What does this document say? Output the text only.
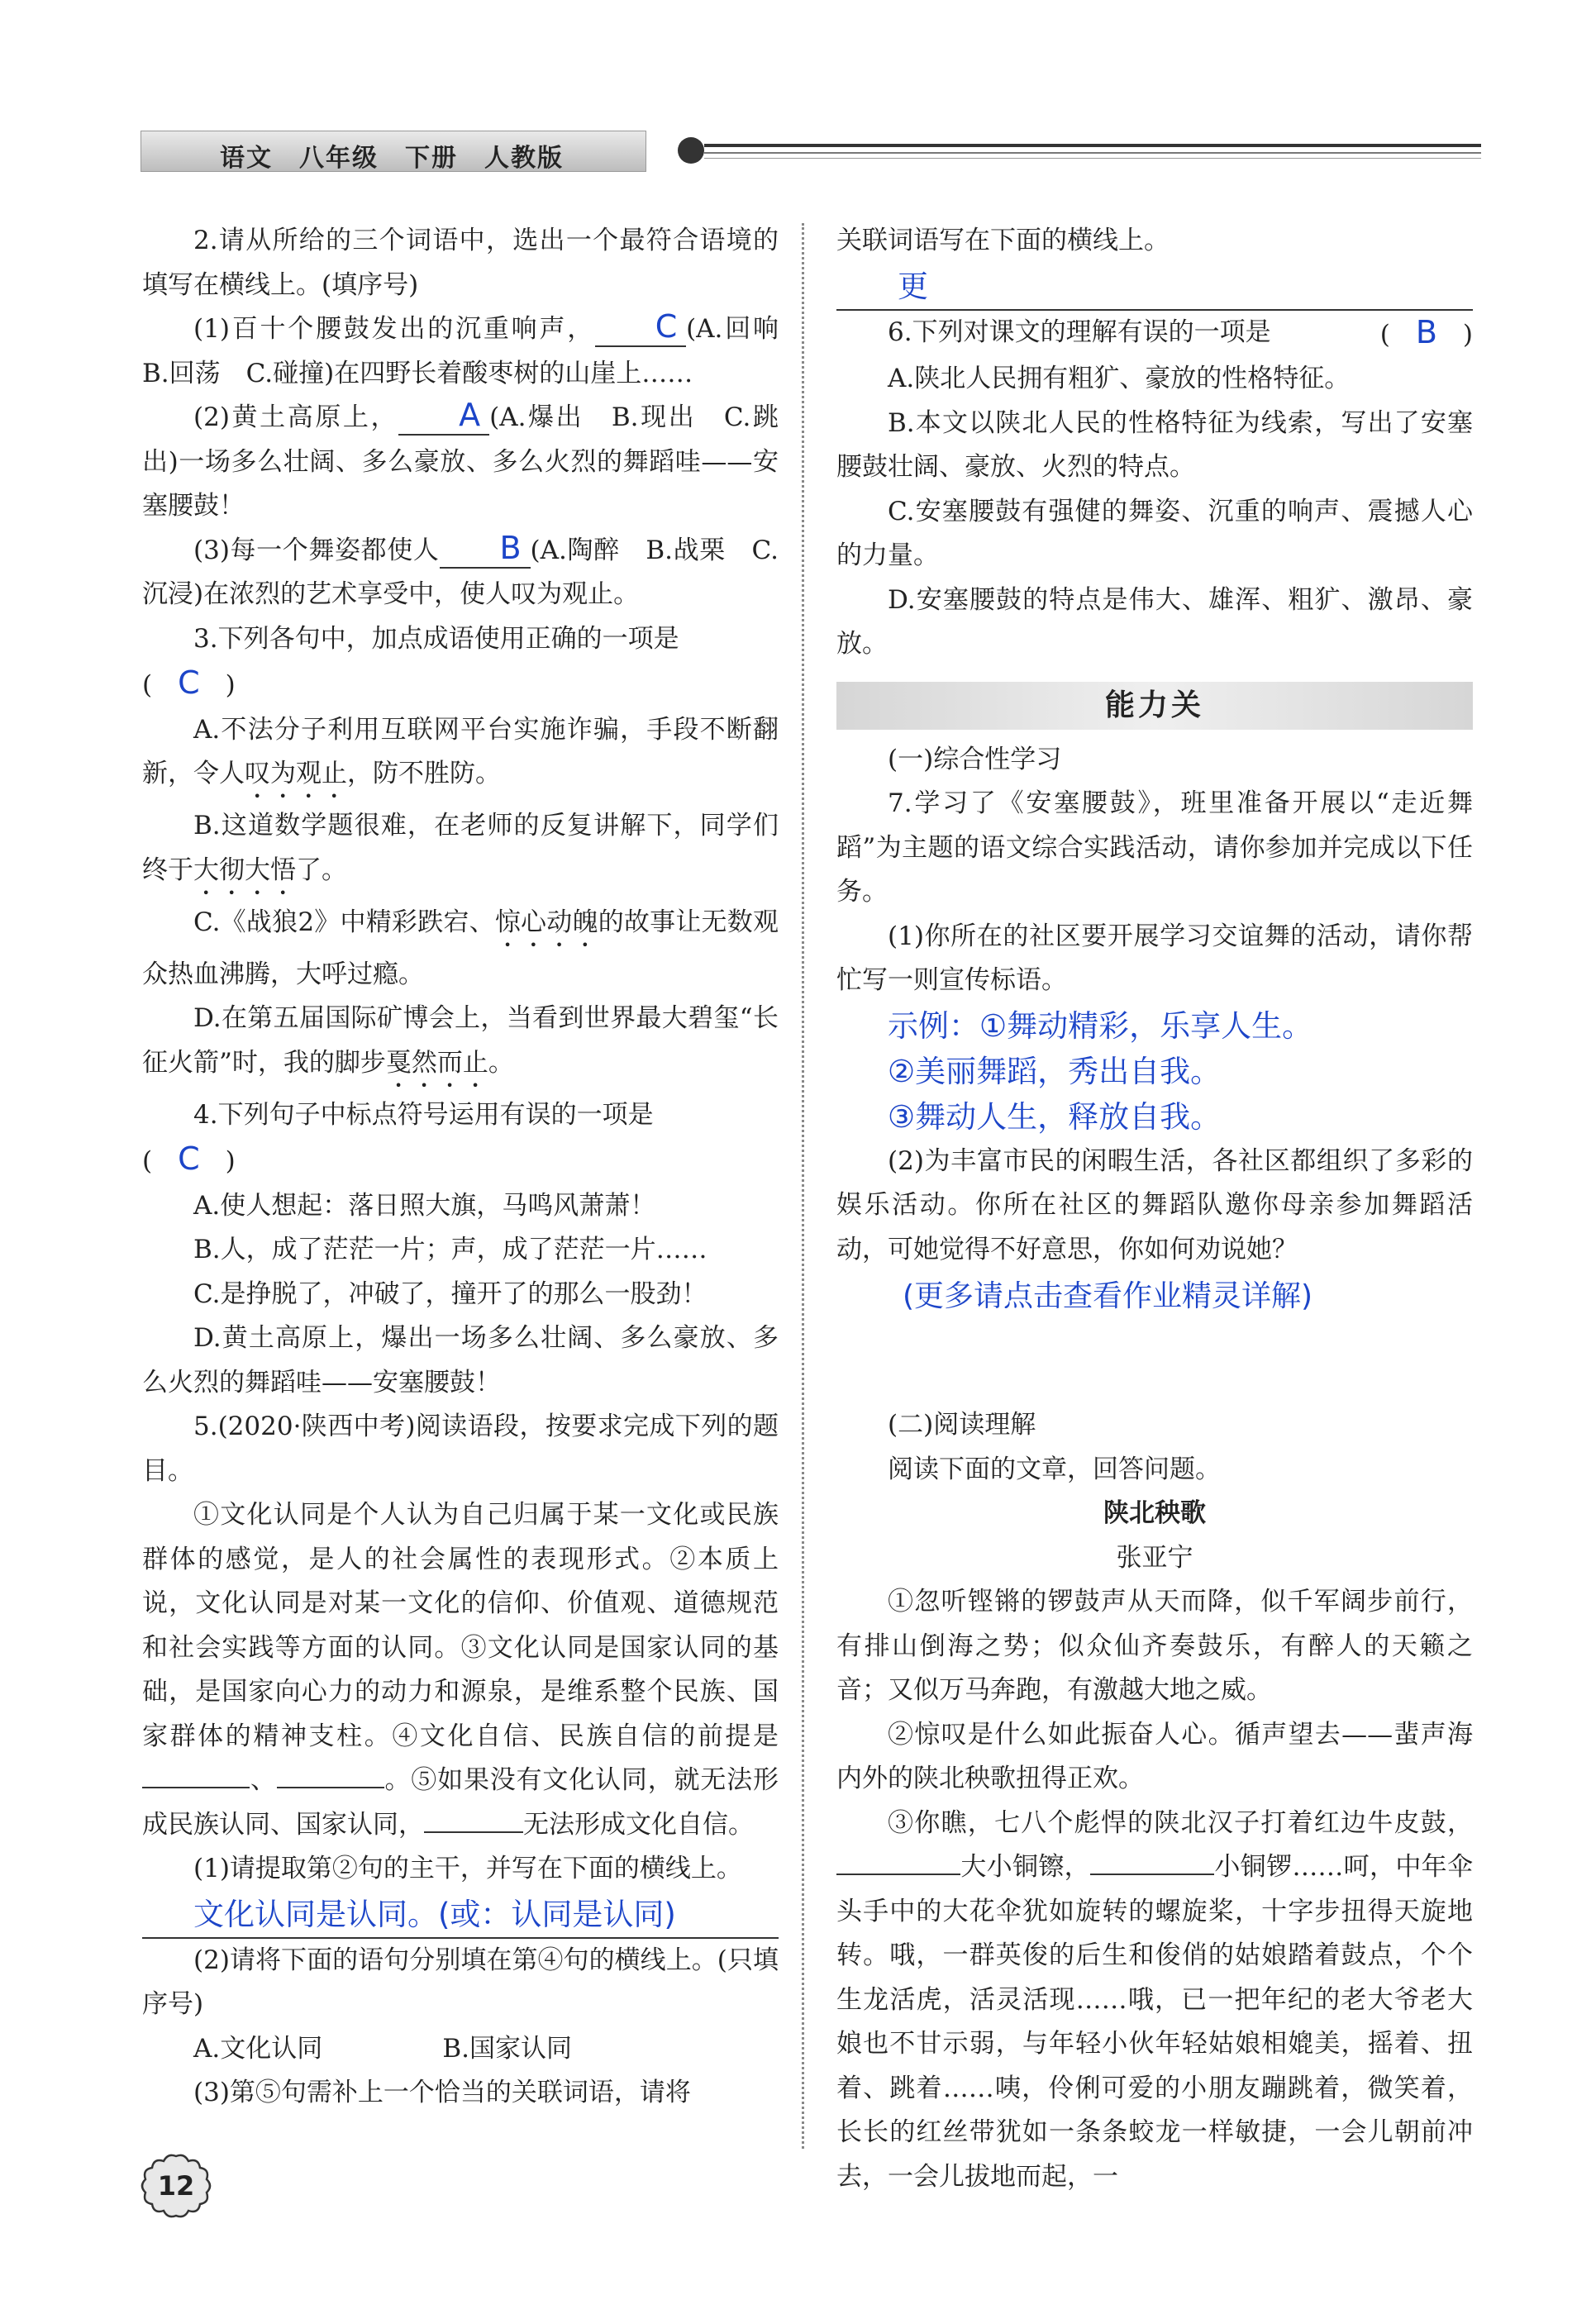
语文　八年级　下册　人教版

2.请从所给的三个词语中，选出一个最符合语境的填写在横线上。(填序号)

(1)百十个腰鼓发出的沉重响声， C (A.回响　B.回荡　C.碰撞)在四野长着酸枣树的山崖上……

(2)黄土高原上， A (A.爆出　B.现出　C.跳出)一场多么壮阔、多么豪放、多么火烈的舞蹈哇——安塞腰鼓！

(3)每一个舞姿都使人 B (A.陶醉　B.战栗　C.沉浸)在浓烈的艺术享受中，使人叹为观止。

3.下列各句中，加点成语使用正确的一项是

(　C　)

A.不法分子利用互联网平台实施诈骗，手段不断翻新，令人叹为观止，防不胜防。

B.这道数学题很难，在老师的反复讲解下，同学们终于大彻大悟了。

C.《战狼2》中精彩跌宕、惊心动魄的故事让无数观众热血沸腾，大呼过瘾。

D.在第五届国际矿博会上，当看到世界最大碧玺“长征火箭”时，我的脚步戛然而止。

4.下列句子中标点符号运用有误的一项是

(　C　)

A.使人想起：落日照大旗，马鸣风萧萧！

B.人，成了茫茫一片；声，成了茫茫一片……

C.是挣脱了，冲破了，撞开了的那么一股劲！

D.黄土高原上，爆出一场多么壮阔、多么豪放、多么火烈的舞蹈哇——安塞腰鼓！

5.(2020·陕西中考)阅读语段，按要求完成下列的题目。

①文化认同是个人认为自己归属于某一文化或民族群体的感觉，是人的社会属性的表现形式。②本质上说，文化认同是对某一文化的信仰、价值观、道德规范和社会实践等方面的认同。③文化认同是国家认同的基础，是国家向心力的动力和源泉，是维系整个民族、国家群体的精神支柱。④文化自信、民族自信的前提是、	。⑤如果没有文化认同，就无法形成民族认同、国家认同，	无法形成文化自信。

(1)请提取第②句的主干，并写在下面的横线上。

文化认同是认同。(或：认同是认同)

(2)请将下面的语句分别填在第④句的横线上。(只填序号)

A.文化认同	B.国家认同

(3)第⑤句需补上一个恰当的关联词语，请将

关联词语写在下面的横线上。

更

6.下列对课文的理解有误的一项是	(　B　)

A.陕北人民拥有粗犷、豪放的性格特征。

B.本文以陕北人民的性格特征为线索，写出了安塞腰鼓壮阔、豪放、火烈的特点。

C.安塞腰鼓有强健的舞姿、沉重的响声、震撼人心的力量。

D.安塞腰鼓的特点是伟大、雄浑、粗犷、激昂、豪放。

能力关

(一)综合性学习

7.学习了《安塞腰鼓》，班里准备开展以“走近舞蹈”为主题的语文综合实践活动，请你参加并完成以下任务。

(1)你所在的社区要开展学习交谊舞的活动，请你帮忙写一则宣传标语。

示例：①舞动精彩，乐享人生。

②美丽舞蹈，秀出自我。

③舞动人生，释放自我。

(2)为丰富市民的闲暇生活，各社区都组织了多彩的娱乐活动。你所在社区的舞蹈队邀你母亲参加舞蹈活动，可她觉得不好意思，你如何劝说她？

(更多请点击查看作业精灵详解)

(二)阅读理解

阅读下面的文章，回答问题。

陕北秧歌

张亚宁

①忽听铿锵的锣鼓声从天而降，似千军阔步前行，有排山倒海之势；似众仙齐奏鼓乐，有醉人的天籁之音；又似万马奔跑，有激越大地之威。

②惊叹是什么如此振奋人心。循声望去——蜚声海内外的陕北秧歌扭得正欢。

③你瞧，七八个彪悍的陕北汉子打着红边牛皮鼓，大小铜镲，	小铜锣……呵，中年伞头手中的大花伞犹如旋转的螺旋桨，十字步扭得天旋地转。哦，一群英俊的后生和俊俏的姑娘踏着鼓点，个个生龙活虎，活灵活现……哦，已一把年纪的老大爷老大娘也不甘示弱，与年轻小伙年轻姑娘相媲美，摇着、扭着、跳着……咦，伶俐可爱的小朋友蹦跳着，微笑着，长长的红丝带犹如一条条蛟龙一样敏捷，一会儿朝前冲去，一会儿拔地而起，一

12
